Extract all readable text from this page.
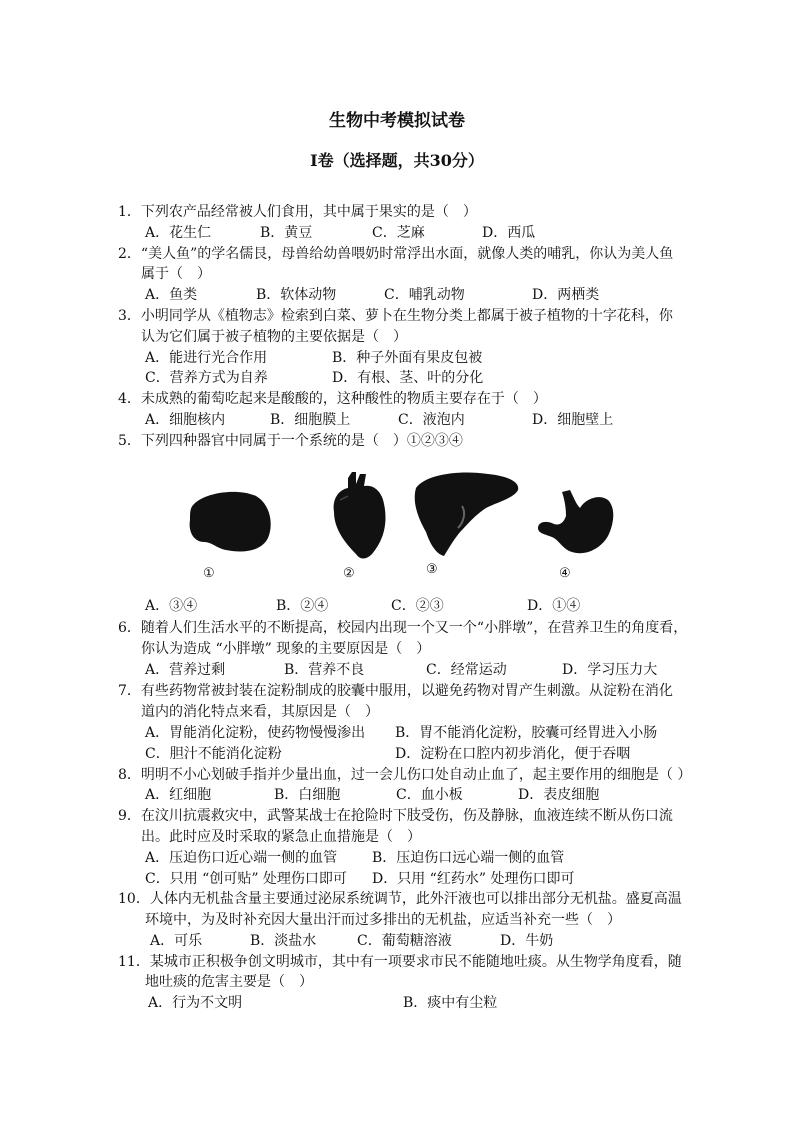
生物中考模拟试卷
I卷（选择题，共30分）
1．下列农产品经常被人们食用，其中属于果实的是（　）
A．花生仁	B．黄豆	C．芝麻	D．西瓜
2．“美人鱼”的学名儒艮，母兽给幼兽喂奶时常浮出水面，就像人类的哺乳，你认为美人鱼
属于（　）
A．鱼类	B．软体动物	C．哺乳动物	D．两栖类
3．小明同学从《植物志》检索到白菜、萝卜在生物分类上都属于被子植物的十字花科，你
认为它们属于被子植物的主要依据是（　）
A．能进行光合作用	B．种子外面有果皮包被
C．营养方式为自养	D．有根、茎、叶的分化
4．未成熟的葡萄吃起来是酸酸的，这种酸性的物质主要存在于（　）
A．细胞核内	B．细胞膜上	C．液泡内	D．细胞壁上
5．下列四种器官中同属于一个系统的是（　）①②③④
①	②	③	④
A．③④	B．②④	C．②③	D．①④
6．随着人们生活水平的不断提高，校园内出现一个又一个“小胖墩”，在营养卫生的角度看，
你认为造成 “小胖墩” 现象的主要原因是（　）
A．营养过剩	B．营养不良	C．经常运动	D．学习压力大
7．有些药物常被封装在淀粉制成的胶囊中服用，以避免药物对胃产生刺激。从淀粉在消化
道内的消化特点来看，其原因是（　）
A．胃能消化淀粉，使药物慢慢渗出 B．胃不能消化淀粉，胶囊可经胃进入小肠
C．胆汁不能消化淀粉	D．淀粉在口腔内初步消化，便于吞咽
8．明明不小心划破手指并少量出血，过一会儿伤口处自动止血了，起主要作用的细胞是（ ）
A．红细胞	B．白细胞	C．血小板	D．表皮细胞
9．在汶川抗震救灾中，武警某战士在抢险时下肢受伤，伤及静脉，血液连续不断从伤口流
出。此时应及时采取的紧急止血措施是（　）
A．压迫伤口近心端一侧的血管 B．压迫伤口远心端一侧的血管
C．只用 “创可贴” 处理伤口即可 D．只用 “红药水” 处理伤口即可
10．人体内无机盐含量主要通过泌尿系统调节，此外汗液也可以排出部分无机盐。盛夏高温
环境中，为及时补充因大量出汗而过多排出的无机盐，应适当补充一些（　）
A．可乐	B．淡盐水	C．葡萄糖溶液	D．牛奶
11．某城市正积极争创文明城市，其中有一项要求市民不能随地吐痰。从生物学角度看，随
地吐痰的危害主要是（　）
A．行为不文明	B．痰中有尘粒
